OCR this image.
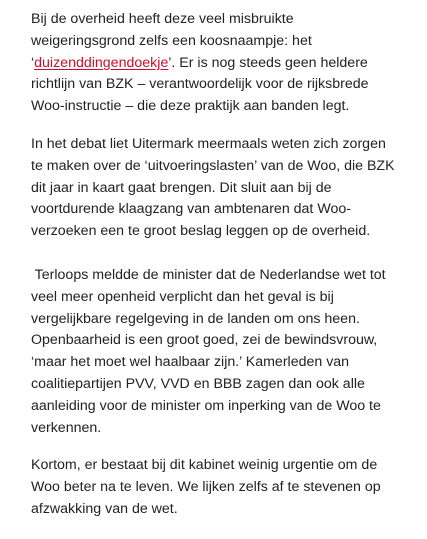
Bij de overheid heeft deze veel misbruikte
weigeringsgrond zelfs een koosnaampje: het
‘duizenddingendoekje’. Er is nog steeds geen heldere
richtlijn van BZK – verantwoordelijk voor de rijksbrede
Woo-instructie – die deze praktijk aan banden legt.

In het debat liet Uitermark meermaals weten zich zorgen
te maken over de ‘uitvoeringslasten’ van de Woo, die BZK
dit jaar in kaart gaat brengen. Dit sluit aan bij de
voortdurende klaagzang van ambtenaren dat Woo-
verzoeken een te groot beslag leggen op de overheid.

Terloops meldde de minister dat de Nederlandse wet tot
veel meer openheid verplicht dan het geval is bij
vergelijkbare regelgeving in de landen om ons heen.
Openbaarheid is een groot goed, zei de bewindsvrouw,
‘maar het moet wel haalbaar zijn.’ Kamerleden van
coalitiepartijen PVV, VVD en BBB zagen dan ook alle
aanleiding voor de minister om inperking van de Woo te
verkennen.

Kortom, er bestaat bij dit kabinet weinig urgentie om de
Woo beter na te leven. We lijken zelfs af te stevenen op
afzwakking van de wet.
